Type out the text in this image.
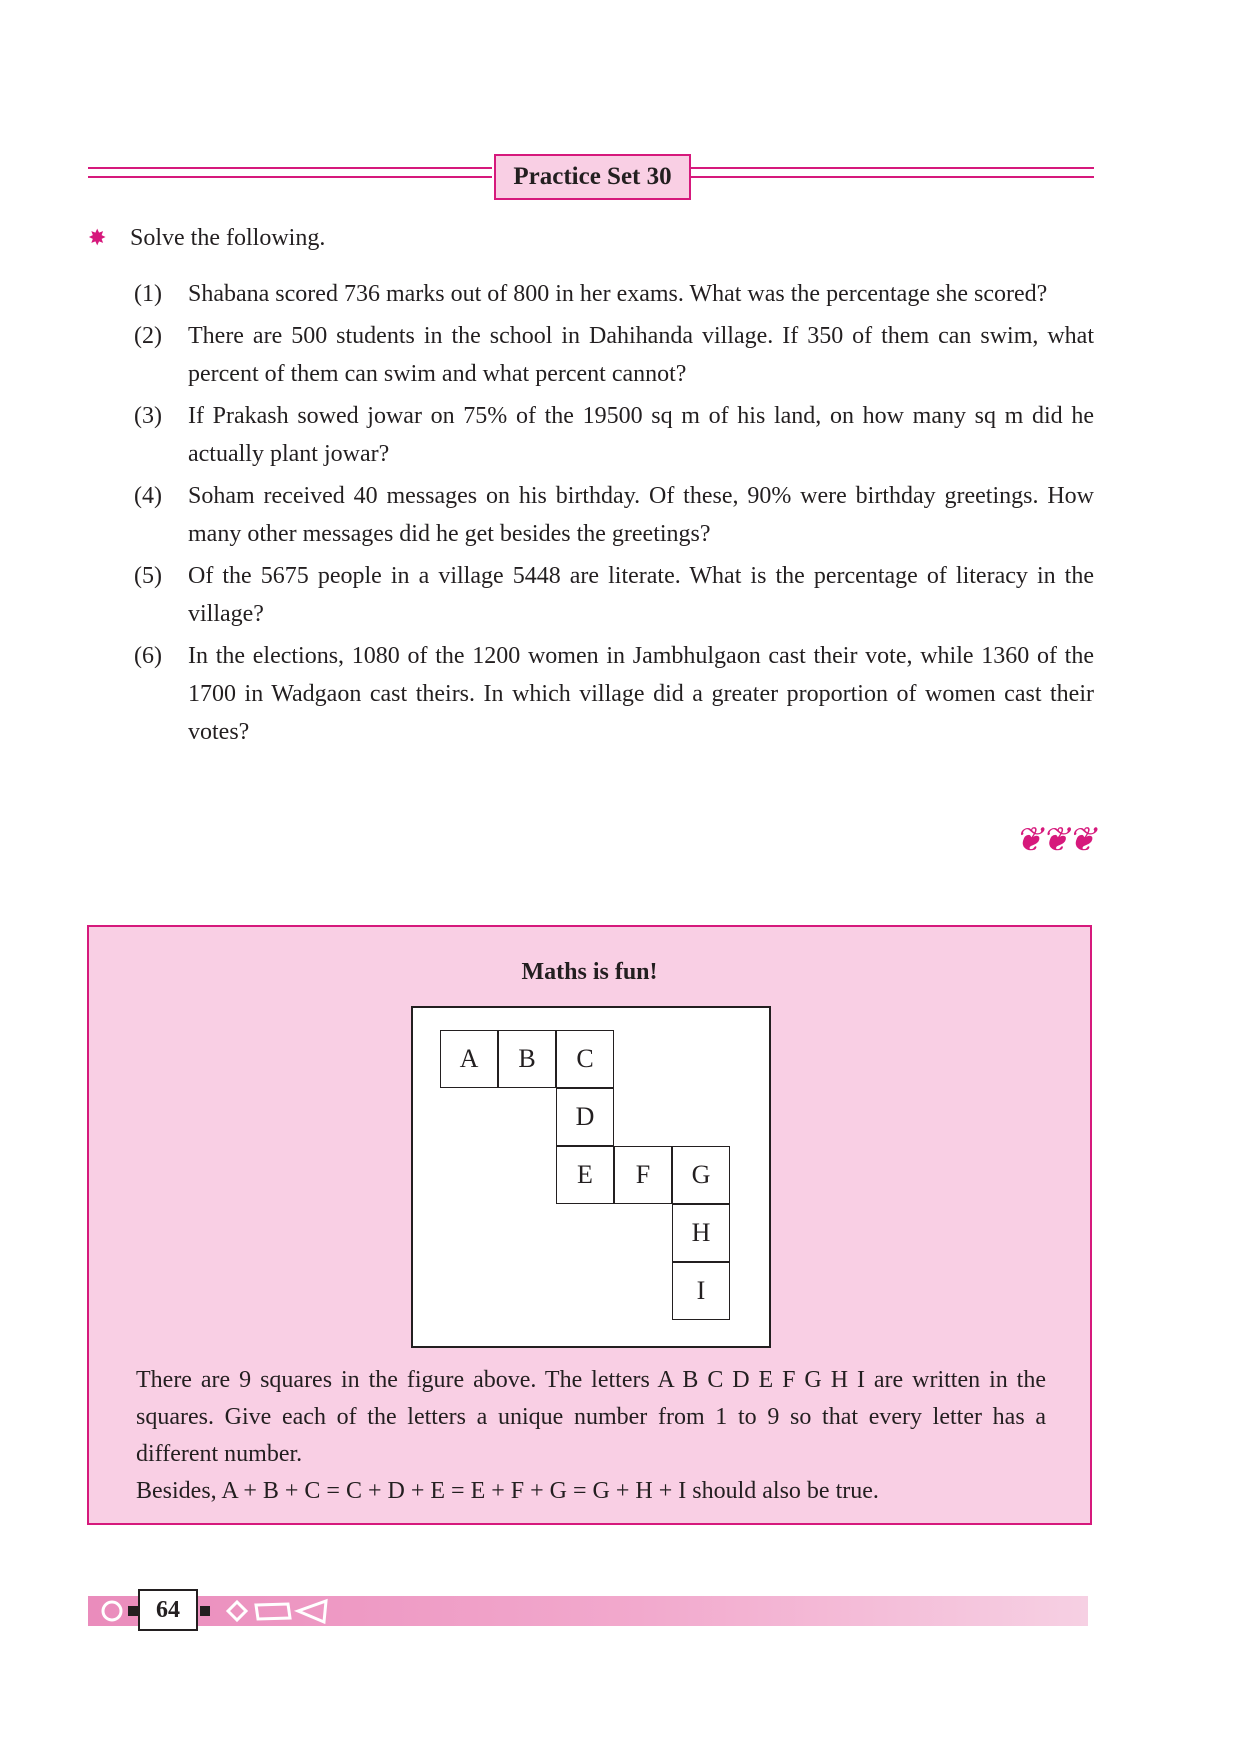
Practice Set 30
✸ Solve the following.
(1)	Shabana scored 736 marks out of 800 in her exams. What was the percentage she scored?
(2)	There are 500 students in the school in Dahihanda village. If 350 of them can swim, what percent of them can swim and what percent cannot?
(3)	If Prakash sowed jowar on 75% of the 19500 sq m of his land, on how many sq m did he actually plant jowar?
(4)	Soham received 40 messages on his birthday. Of these, 90% were birthday greetings. How many other messages did he get besides the greetings?
(5)	Of the 5675 people in a village 5448 are literate. What is the percentage of literacy in the village?
(6)	In the elections, 1080 of the 1200 women in Jambhulgaon cast their vote, while 1360 of the 1700 in Wadgaon cast theirs. In which village did a greater proportion of women cast their votes?
❦❦❦
Maths is fun!
A	B	C
D
E	F	G
H
I
There are 9 squares in the figure above. The letters A B C D E F G H I are written in the squares. Give each of the letters a unique number from 1 to 9 so that every letter has a different number.
Besides, A + B + C = C + D + E = E + F + G = G + H + I should also be true.
64
